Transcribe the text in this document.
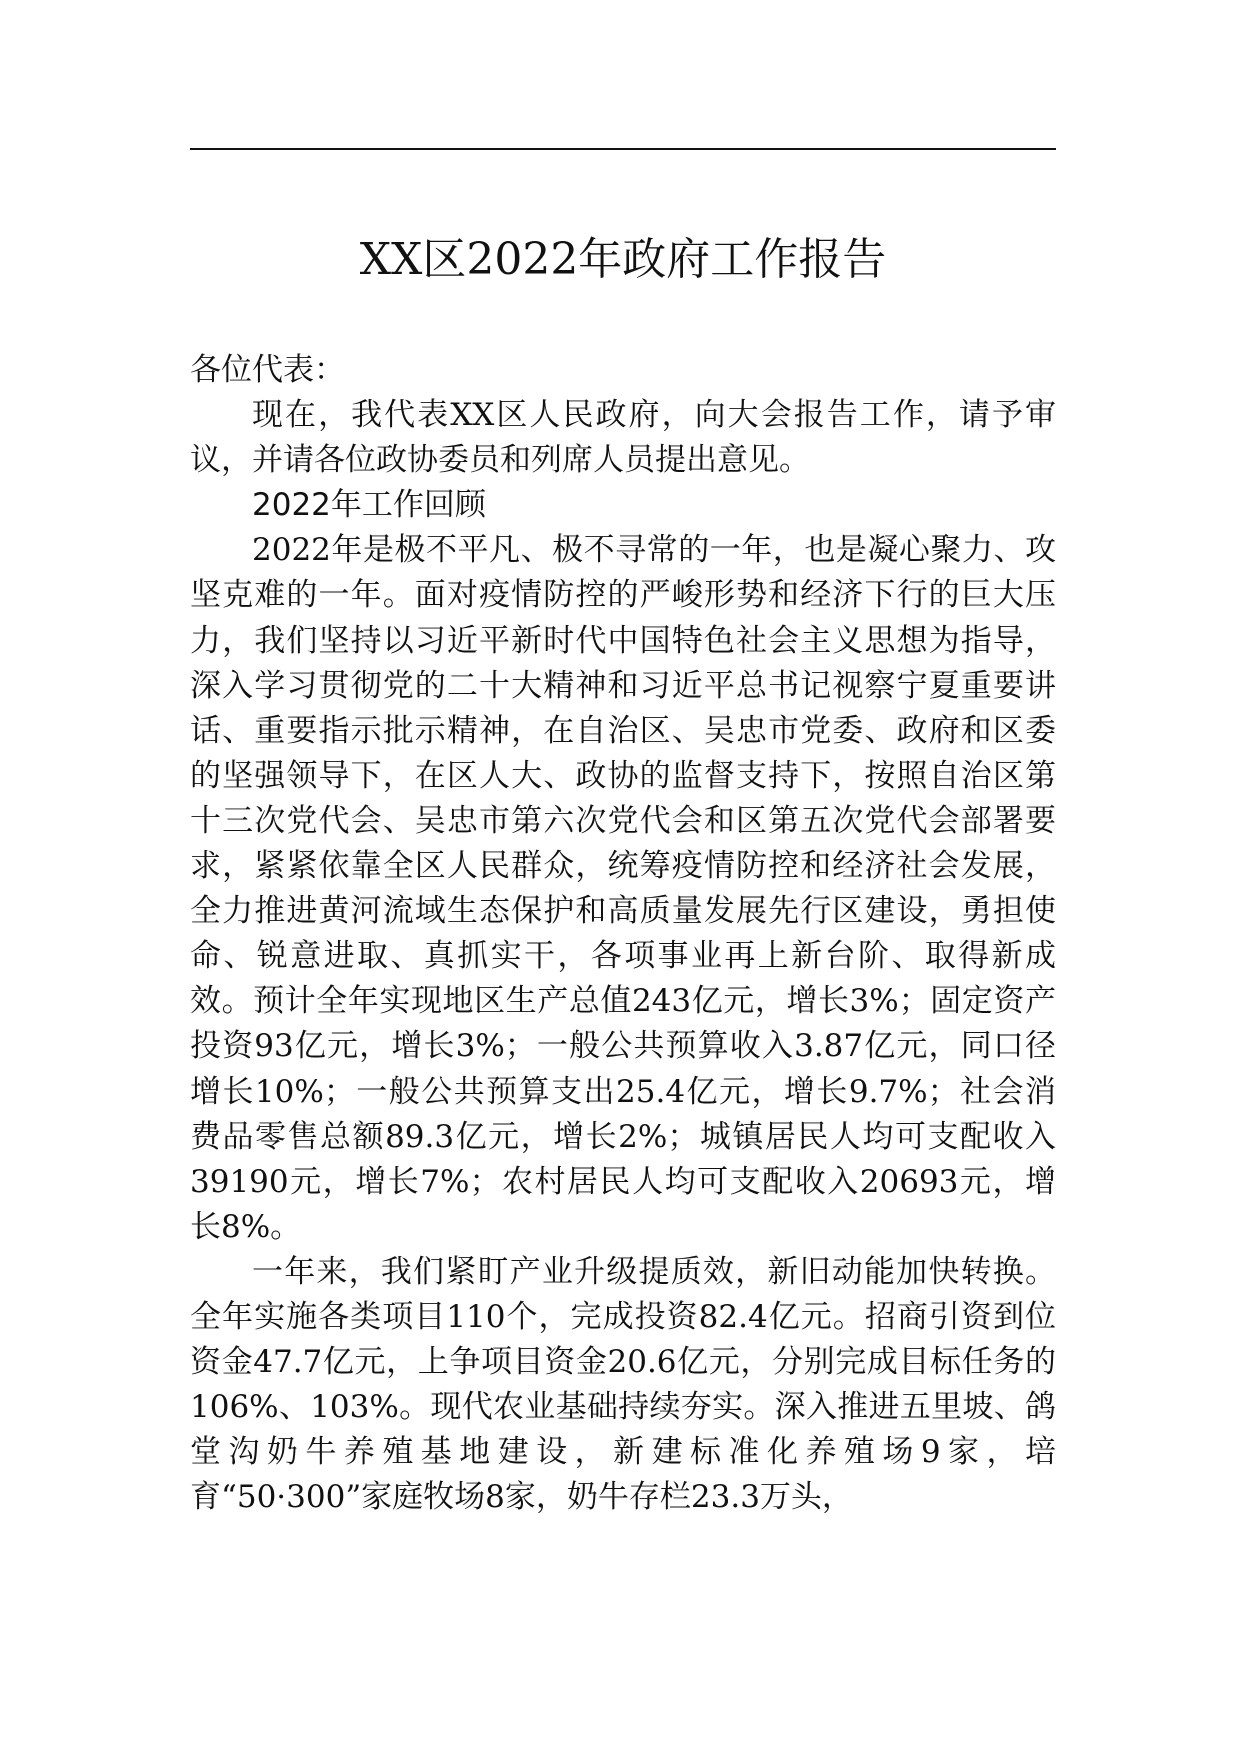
XX区2022年政府工作报告

各位代表：

现在，我代表XX区人民政府，向大会报告工作，请予审议，并请各位政协委员和列席人员提出意见。

2022年工作回顾

2022年是极不平凡、极不寻常的一年，也是凝心聚力、攻坚克难的一年。面对疫情防控的严峻形势和经济下行的巨大压力，我们坚持以习近平新时代中国特色社会主义思想为指导，深入学习贯彻党的二十大精神和习近平总书记视察宁夏重要讲话、重要指示批示精神，在自治区、吴忠市党委、政府和区委的坚强领导下，在区人大、政协的监督支持下，按照自治区第十三次党代会、吴忠市第六次党代会和区第五次党代会部署要求，紧紧依靠全区人民群众，统筹疫情防控和经济社会发展，全力推进黄河流域生态保护和高质量发展先行区建设，勇担使命、锐意进取、真抓实干，各项事业再上新台阶、取得新成效。预计全年实现地区生产总值243亿元，增长3%；固定资产投资93亿元，增长3%；一般公共预算收入3.87亿元，同口径增长10%；一般公共预算支出25.4亿元，增长9.7%；社会消费品零售总额89.3亿元，增长2%；城镇居民人均可支配收入39190元，增长7%；农村居民人均可支配收入20693元，增长8%。

一年来，我们紧盯产业升级提质效，新旧动能加快转换。全年实施各类项目110个，完成投资82.4亿元。招商引资到位资金47.7亿元，上争项目资金20.6亿元，分别完成目标任务的106%、103%。现代农业基础持续夯实。深入推进五里坡、鸽堂沟奶牛养殖基地建设，新建标准化养殖场9家，培育“50·300”家庭牧场8家，奶牛存栏23.3万头，
